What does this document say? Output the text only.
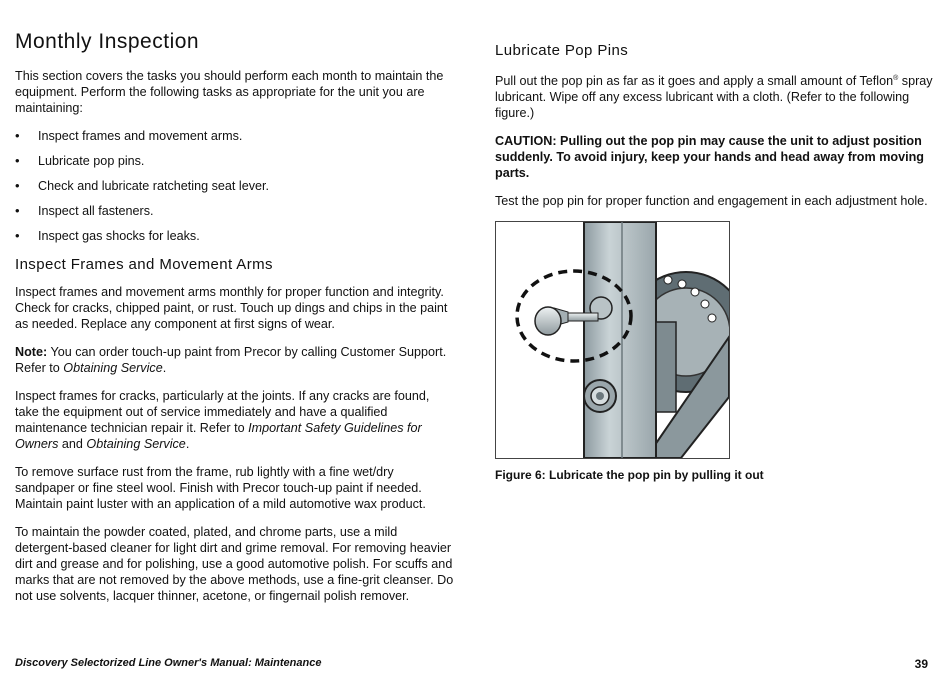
Monthly Inspection

This section covers the tasks you should perform each month to maintain the equipment. Perform the following tasks as appropriate for the unit you are maintaining:

• Inspect frames and movement arms.
• Lubricate pop pins.
• Check and lubricate ratcheting seat lever.
• Inspect all fasteners.
• Inspect gas shocks for leaks.
Inspect Frames and Movement Arms

Inspect frames and movement arms monthly for proper function and integrity. Check for cracks, chipped paint, or rust. Touch up dings and chips in the paint as needed. Replace any component at first signs of wear.

Note: You can order touch-up paint from Precor by calling Customer Support. Refer to Obtaining Service.

Inspect frames for cracks, particularly at the joints. If any cracks are found, take the equipment out of service immediately and have a qualified maintenance technician repair it. Refer to Important Safety Guidelines for Owners and Obtaining Service.

To remove surface rust from the frame, rub lightly with a fine wet/dry sandpaper or fine steel wool. Finish with Precor touch-up paint if needed. Maintain paint luster with an application of a mild automotive wax product.

To maintain the powder coated, plated, and chrome parts, use a mild detergent-based cleaner for light dirt and grime removal. For removing heavier dirt and grease and for polishing, use a good automotive polish. For scuffs and marks that are not removed by the above methods, use a fine-grit cleanser. Do not use solvents, lacquer thinner, acetone, or fingernail polish remover.

Lubricate Pop Pins

Pull out the pop pin as far as it goes and apply a small amount of Teflon® spray lubricant. Wipe off any excess lubricant with a cloth. (Refer to the following figure.)

CAUTION: Pulling out the pop pin may cause the unit to adjust position suddenly. To avoid injury, keep your hands and head away from moving parts.

Test the pop pin for proper function and engagement in each adjustment hole.

Figure 6: Lubricate the pop pin by pulling it out

Discovery Selectorized Line Owner's Manual: Maintenance	39
